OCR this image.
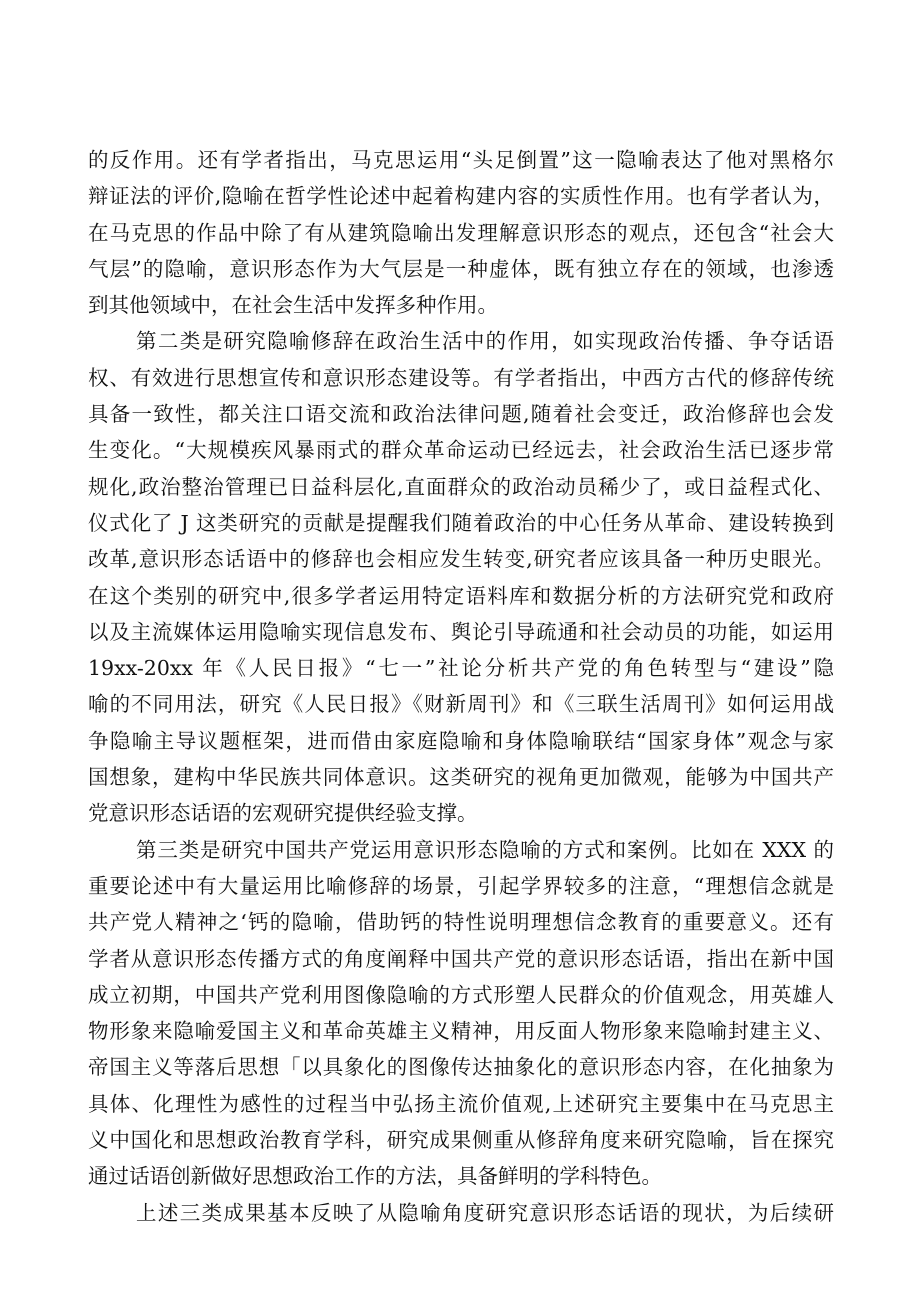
的反作用。还有学者指出，马克思运用“头足倒置”这一隐喻表达了他对黑格尔
辩证法的评价,隐喻在哲学性论述中起着构建内容的实质性作用。也有学者认为，
在马克思的作品中除了有从建筑隐喻出发理解意识形态的观点，还包含“社会大
气层”的隐喻，意识形态作为大气层是一种虚体，既有独立存在的领域，也渗透
到其他领域中，在社会生活中发挥多种作用。
第二类是研究隐喻修辞在政治生活中的作用，如实现政治传播、争夺话语
权、有效进行思想宣传和意识形态建设等。有学者指出，中西方古代的修辞传统
具备一致性，都关注口语交流和政治法律问题,随着社会变迁，政治修辞也会发
生变化。“大规模疾风暴雨式的群众革命运动已经远去，社会政治生活已逐步常
规化,政治整治管理已日益科层化,直面群众的政治动员稀少了，或日益程式化、
仪式化了 J 这类研究的贡献是提醒我们随着政治的中心任务从革命、建设转换到
改革,意识形态话语中的修辞也会相应发生转变,研究者应该具备一种历史眼光。
在这个类别的研究中,很多学者运用特定语料库和数据分析的方法研究党和政府
以及主流媒体运用隐喻实现信息发布、舆论引导疏通和社会动员的功能，如运用
19xx-20xx 年《人民日报》“七一”社论分析共产党的角色转型与“建设”隐
喻的不同用法，研究《人民日报》《财新周刊》和《三联生活周刊》如何运用战
争隐喻主导议题框架，进而借由家庭隐喻和身体隐喻联结“国家身体”观念与家
国想象，建构中华民族共同体意识。这类研究的视角更加微观，能够为中国共产
党意识形态话语的宏观研究提供经验支撑。
第三类是研究中国共产党运用意识形态隐喻的方式和案例。比如在 XXX 的
重要论述中有大量运用比喻修辞的场景，引起学界较多的注意，“理想信念就是
共产党人精神之‘钙的隐喻，借助钙的特性说明理想信念教育的重要意义。还有
学者从意识形态传播方式的角度阐释中国共产党的意识形态话语，指出在新中国
成立初期，中国共产党利用图像隐喻的方式形塑人民群众的价值观念，用英雄人
物形象来隐喻爱国主义和革命英雄主义精神，用反面人物形象来隐喻封建主义、
帝国主义等落后思想「以具象化的图像传达抽象化的意识形态内容，在化抽象为
具体、化理性为感性的过程当中弘扬主流价值观,上述研究主要集中在马克思主
义中国化和思想政治教育学科，研究成果侧重从修辞角度来研究隐喻，旨在探究
通过话语创新做好思想政治工作的方法，具备鲜明的学科特色。
上述三类成果基本反映了从隐喻角度研究意识形态话语的现状，为后续研
